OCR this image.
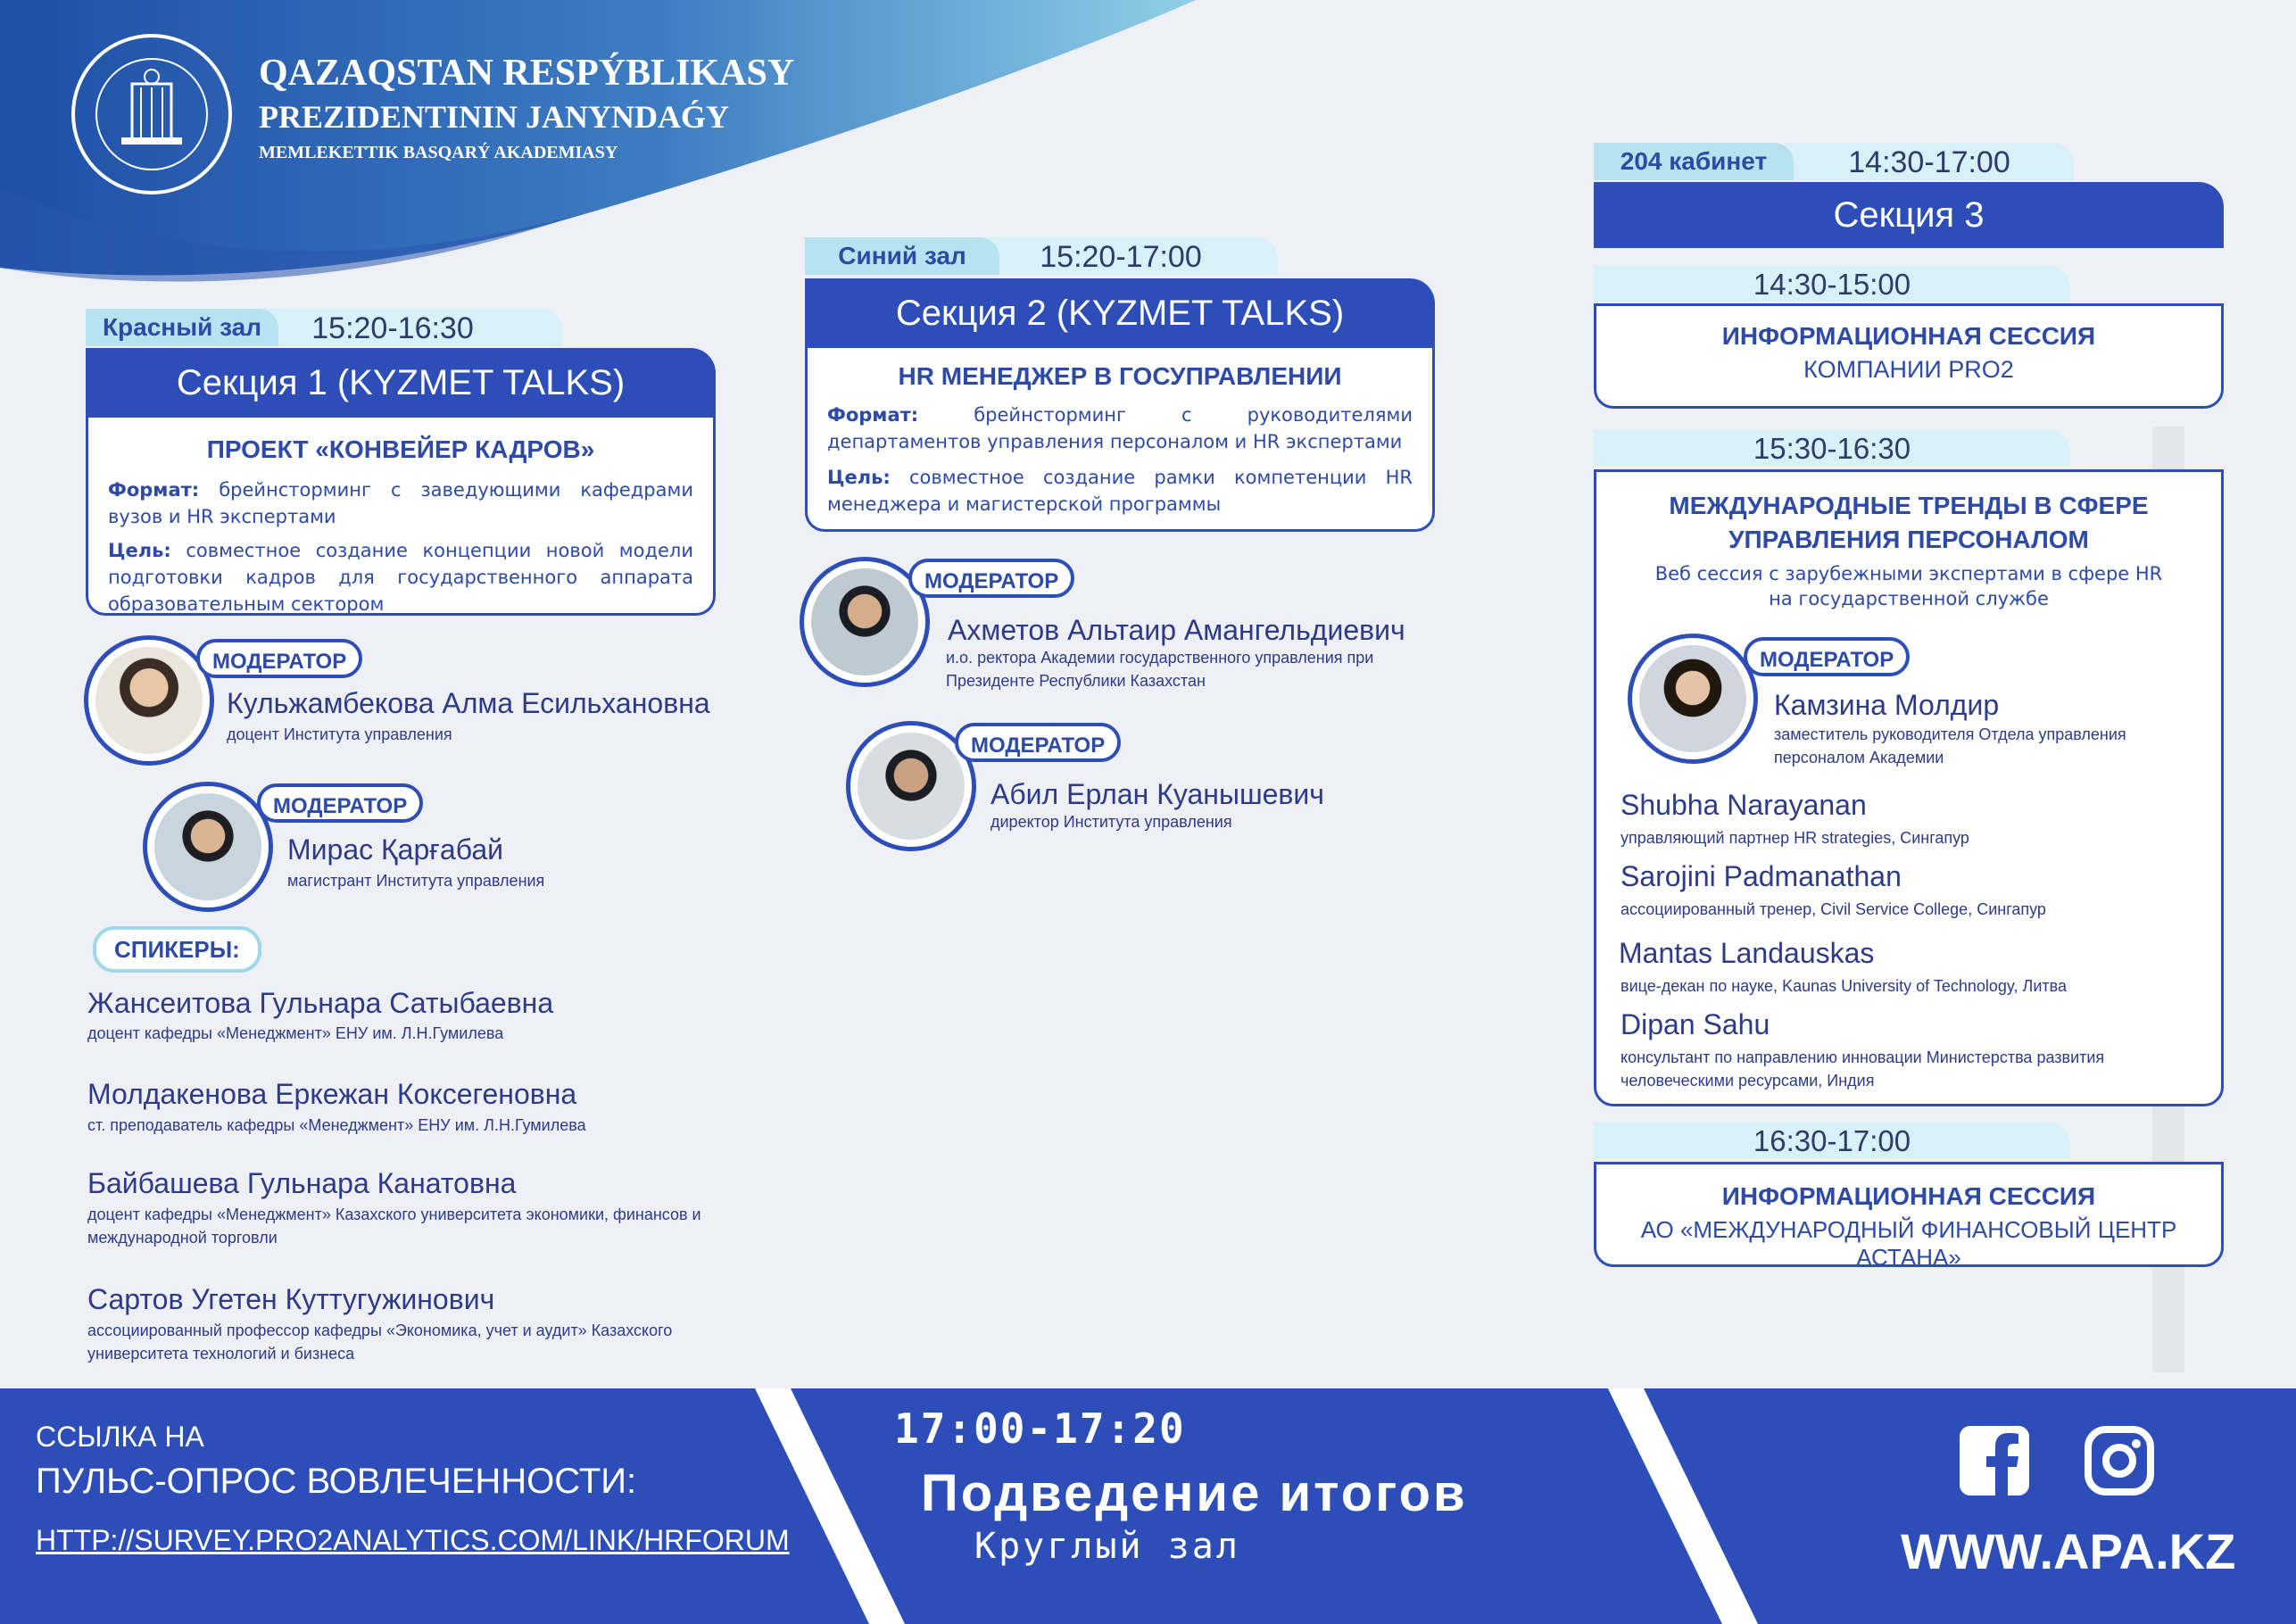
QAZAQSTAN RESPÝBLIKASY
PREZIDENTININ JANYNDAǴY
MEMLEKETTIK BASQARÝ AKADEMIASY
15:20-16:30
Красный зал
Секция 1 (KYZMET TALKS)
ПРОЕКТ «КОНВЕЙЕР КАДРОВ»
Формат: брейнсторминг с заведующими кафедрами вузов и HR экспертами
Цель: совместное создание концепции новой модели подготовки кадров для государственного аппарата образовательным сектором
МОДЕРАТОР
Кульжамбекова Алма Есильхановна
доцент Института управления
МОДЕРАТОР
Мирас Қарғабай
магистрант Института управления
СПИКЕРЫ:
Жансеитова Гульнара Сатыбаевна
доцент кафедры «Менеджмент» ЕНУ им. Л.Н.Гумилева
Молдакенова Еркежан Коксегеновна
ст. преподаватель кафедры «Менеджмент» ЕНУ им. Л.Н.Гумилева
Байбашева Гульнара Канатовна
доцент кафедры «Менеджмент» Казахского университета экономики, финансов и международной торговли
Сартов Угетен Куттугужинович
ассоциированный профессор кафедры «Экономика, учет и аудит» Казахского университета технологий и бизнеса
15:20-17:00
Синий зал
Секция 2 (KYZMET TALKS)
HR МЕНЕДЖЕР В ГОСУПРАВЛЕНИИ
Формат:	брейнсторминг с руководителями департаментов управления персоналом и HR экспертами
Цель: совместное создание рамки компетенции HR менеджера и магистерской программы
МОДЕРАТОР
Ахметов Альтаир Амангельдиевич
и.о. ректора Академии государственного управления при Президенте Республики Казахстан
МОДЕРАТОР
Абил Ерлан Куанышевич
директор Института управления
14:30-17:00
204 кабинет
Секция 3
14:30-15:00
ИНФОРМАЦИОННАЯ СЕССИЯ
КОМПАНИИ PRO2
15:30-16:30
МЕЖДУНАРОДНЫЕ ТРЕНДЫ В СФЕРЕ
УПРАВЛЕНИЯ ПЕРСОНАЛОМ
Веб сессия с зарубежными экспертами в сфере HR на государственной службе
МОДЕРАТОР
Камзина Молдир
заместитель руководителя Отдела управления персоналом Академии
Shubha Narayanan
управляющий партнер HR strategies, Сингапур
Sarojini Padmanathan
ассоциированный тренер, Civil Service College, Сингапур
Mantas Landauskas
вице-декан по науке, Kaunas University of Technology, Литва
Dipan Sahu
консультант по направлению инновации Министерства развития человеческими ресурсами, Индия
16:30-17:00
ИНФОРМАЦИОННАЯ СЕССИЯ
АО «МЕЖДУНАРОДНЫЙ ФИНАНСОВЫЙ ЦЕНТР АСТАНА»
ССЫЛКА НА
ПУЛЬС-ОПРОС ВОВЛЕЧЕННОСТИ:
HTTP://SURVEY.PRO2ANALYTICS.COM/LINK/HRFORUM
17:00-17:20
Подведение итогов
Круглый зал	WWW.APA.KZ
